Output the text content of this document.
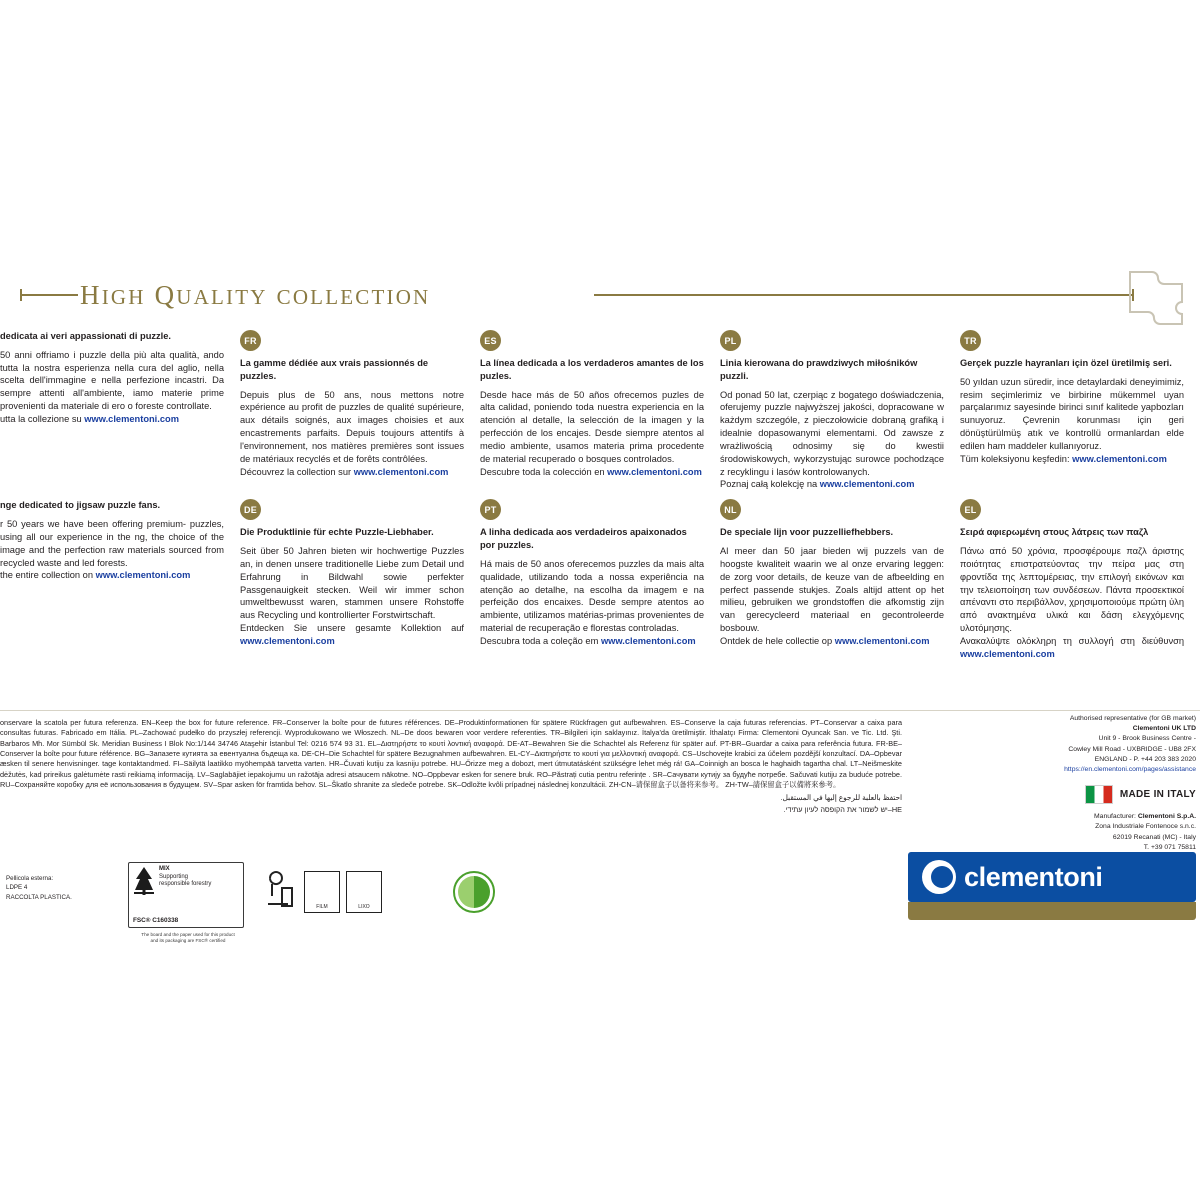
HIGH QUALITY COLLECTION
dedicata ai veri appassionati di puzzle.

50 anni offriamo i puzzle della più alta qualità, ando tutta la nostra esperienza nella cura del aglio, nella scelta dell'immagine e nella perfezione incastri. Da sempre attenti all'ambiente, iamo materie prime provenienti da materiale di ero o foreste controllate.

utta la collezione su www.clementoni.com

FR
La gamme dédiée aux vrais passionnés de puzzles.

Depuis plus de 50 ans, nous mettons notre expérience au profit de puzzles de qualité supérieure, aux détails soignés, aux images choisies et aux encastrements parfaits. Depuis toujours attentifs à l'environnement, nos matières premières sont issues de matériaux recyclés et de forêts contrôlées.

Découvrez la collection sur www.clementoni.com

ES
La línea dedicada a los verdaderos amantes de los puzles.

Desde hace más de 50 años ofrecemos puzles de alta calidad, poniendo toda nuestra experiencia en la atención al detalle, la selección de la imagen y la perfección de los encajes. Desde siempre atentos al medio ambiente, usamos materia prima procedente de material recuperado o bosques controlados.

Descubre toda la colección en www.clementoni.com

PL
Linia kierowana do prawdziwych miłośników puzzli.

Od ponad 50 lat, czerpiąc z bogatego doświadczenia, oferujemy puzzle najwyższej jakości, dopracowane w każdym szczególe, z pieczołowicie dobraną grafiką i idealnie dopasowanymi elementami. Od zawsze z wrażliwością odnosimy się do kwestii środowiskowych, wykorzystując surowce pochodzące z recyklingu i lasów kontrolowanych.

Poznaj całą kolekcję na www.clementoni.com

TR
Gerçek puzzle hayranları için özel üretilmiş seri.

50 yıldan uzun süredir, ince detaylardaki deneyimimiz, resim seçimlerimiz ve birbirine mükemmel uyan parçalarımız sayesinde birinci sınıf kalitede yapbozları sunuyoruz. Çevrenin korunması için geri dönüştürülmüş atık ve kontrollü ormanlardan elde edilen ham maddeler kullanıyoruz.

Tüm koleksiyonu keşfedin: www.clementoni.com

nge dedicated to jigsaw puzzle fans.

r 50 years we have been offering premium- puzzles, using all our experience in the ng, the choice of the image and the perfection raw materials sourced from recycled waste and led forests.

the entire collection on www.clementoni.com

DE
Die Produktlinie für echte Puzzle-Liebhaber.

Seit über 50 Jahren bieten wir hochwertige Puzzles an, in denen unsere traditionelle Liebe zum Detail und Erfahrung in Bildwahl sowie perfekter Passgenauigkeit stecken. Weil wir immer schon umweltbewusst waren, stammen unsere Rohstoffe aus Recycling und kontrollierter Forstwirtschaft.

Entdecken Sie unsere gesamte Kollektion auf www.clementoni.com

PT
A linha dedicada aos verdadeiros apaixonados por puzzles.

Há mais de 50 anos oferecemos puzzles da mais alta qualidade, utilizando toda a nossa experiência na atenção ao detalhe, na escolha da imagem e na perfeição dos encaixes. Desde sempre atentos ao ambiente, utilizamos matérias-primas provenientes de material de recuperação e florestas controladas.

Descubra toda a coleção em www.clementoni.com

NL
De speciale lijn voor puzzelliefhebbers.

Al meer dan 50 jaar bieden wij puzzels van de hoogste kwaliteit waarin we al onze ervaring leggen: de zorg voor details, de keuze van de afbeelding en perfect passende stukjes. Zoals altijd attent op het milieu, gebruiken we grondstoffen die afkomstig zijn van gerecycleerd materiaal en gecontroleerde bosbouw.

Ontdek de hele collectie op www.clementoni.com

EL
Σειρά αφιερωμένη στους λάτρεις των παζλ

Πάνω από 50 χρόνια, προσφέρουμε παζλ άριστης ποιότητας επιστρατεύοντας την πείρα μας στη φροντίδα της λεπτομέρειας, την επιλογή εικόνων και την τελειοποίηση των συνδέσεων. Πάντα προσεκτικοί απέναντι στο περιβάλλον, χρησιμοποιούμε πρώτη ύλη από ανακτημένα υλικά και δάση ελεγχόμενης υλοτόμησης.

Ανακαλύψτε ολόκληρη τη συλλογή στη διεύθυνση www.clementoni.com

onservare la scatola per futura referenza. EN–Keep the box for future reference. FR–Conserver la boîte pour de futures références. DE–Produktinformationen für spätere Rückfragen gut aufbewahren. ES–Conserve la caja futuras referencias. PT–Conservar a caixa para consultas futuras. Fabricado em Itália. PL–Zachować pudełko do przyszłej referencji. Wyprodukowano we Włoszech. NL–De doos bewaren voor verdere referenties. TR–Bilgileri için saklayınız. İtalya'da üretilmiştir. İthalatçı Firma: Clementoni Oyuncak San. ve Tic. Ltd. Şti. Barbaros Mh. Mor Sümbül Sk. Meridian Business I Blok No:1/144 34746 Ataşehir İstanbul Tel: 0216 574 93 31. EL–Διατηρήστε το κουτί λοντική αναφορά. DE-AT–Bewahren Sie die Schachtel als Referenz für später auf. PT-BR–Guardar a caixa para referência futura. FR-BE–Conserver la boîte pour future référence. BG–Запазете кутията за евентуална бъдеща ка. DE-CH–Die Schachtel für spätere Bezugnahmen aufbewahren. EL-CY–Διατηρήστε το κουτί για μελλοντική αναφορά. CS–Uschovejte krabici za účelem pozdější konzultací. DA–Opbevar æsken til senere henvisninger. tage kontaktandmed. FI–Säilytä laatikko myöhempää tarvetta varten. HR–Čuvati kutiju za kasniju potrebe. HU–Őrizze meg a dobozt, mert útmutatásként szükségre lehet még rá! GA–Coinnigh an bosca le haghaidh tagartha chal. LT–Neišmeskite dėžutės, kad prireikus galėtumėte rasti reikiamą informaciją. LV–Saglabājiet iepakojumu un ražotāja adresi atsaucem nākotne. NO–Oppbevar esken for senere bruk. RO–Păstrați cutia pentru referințe . SR–Сачувати кутију за будуће потребе. Sačuvati kutiju za buduće potrebe. RU–Сохраняйте коробку для её использования в будущем. SV–Spar asken för framtida behov. SL–Škatlo shranite za sledeče potrebe. SK–Odložte kvôli prípadnej následnej konzultácii. ZH-CN–请保留盒子以备将来参考。 ZH-TW–請保留盒子以備將來參考。
احتفظ بالعلبة للرجوع إليها في المستقبل.
HE–יש לשמור את הקופסה לעיון עתידי.
Pellicola esterna:
LDPE 4
RACCOLTA PLASTICA.
MIX
Supporting
responsible forestry
FSC® C160338
The board and the paper used for this product
and its packaging are FSC® certified
FILM	LIXO
Authorised representative (for GB market)
Clementoni UK LTD
Unit 9 - Brook Business Centre -
Cowley Mill Road - UXBRIDGE - UB8 2FX
ENGLAND - P. +44 203 383 2020
https://en.clementoni.com/pages/assistance
MADE IN ITALY
Manufacturer: Clementoni S.p.A.
Zona Industriale Fontenoce s.n.c.
62019 Recanati (MC) - Italy
T. +39 071 75811
clementoni
